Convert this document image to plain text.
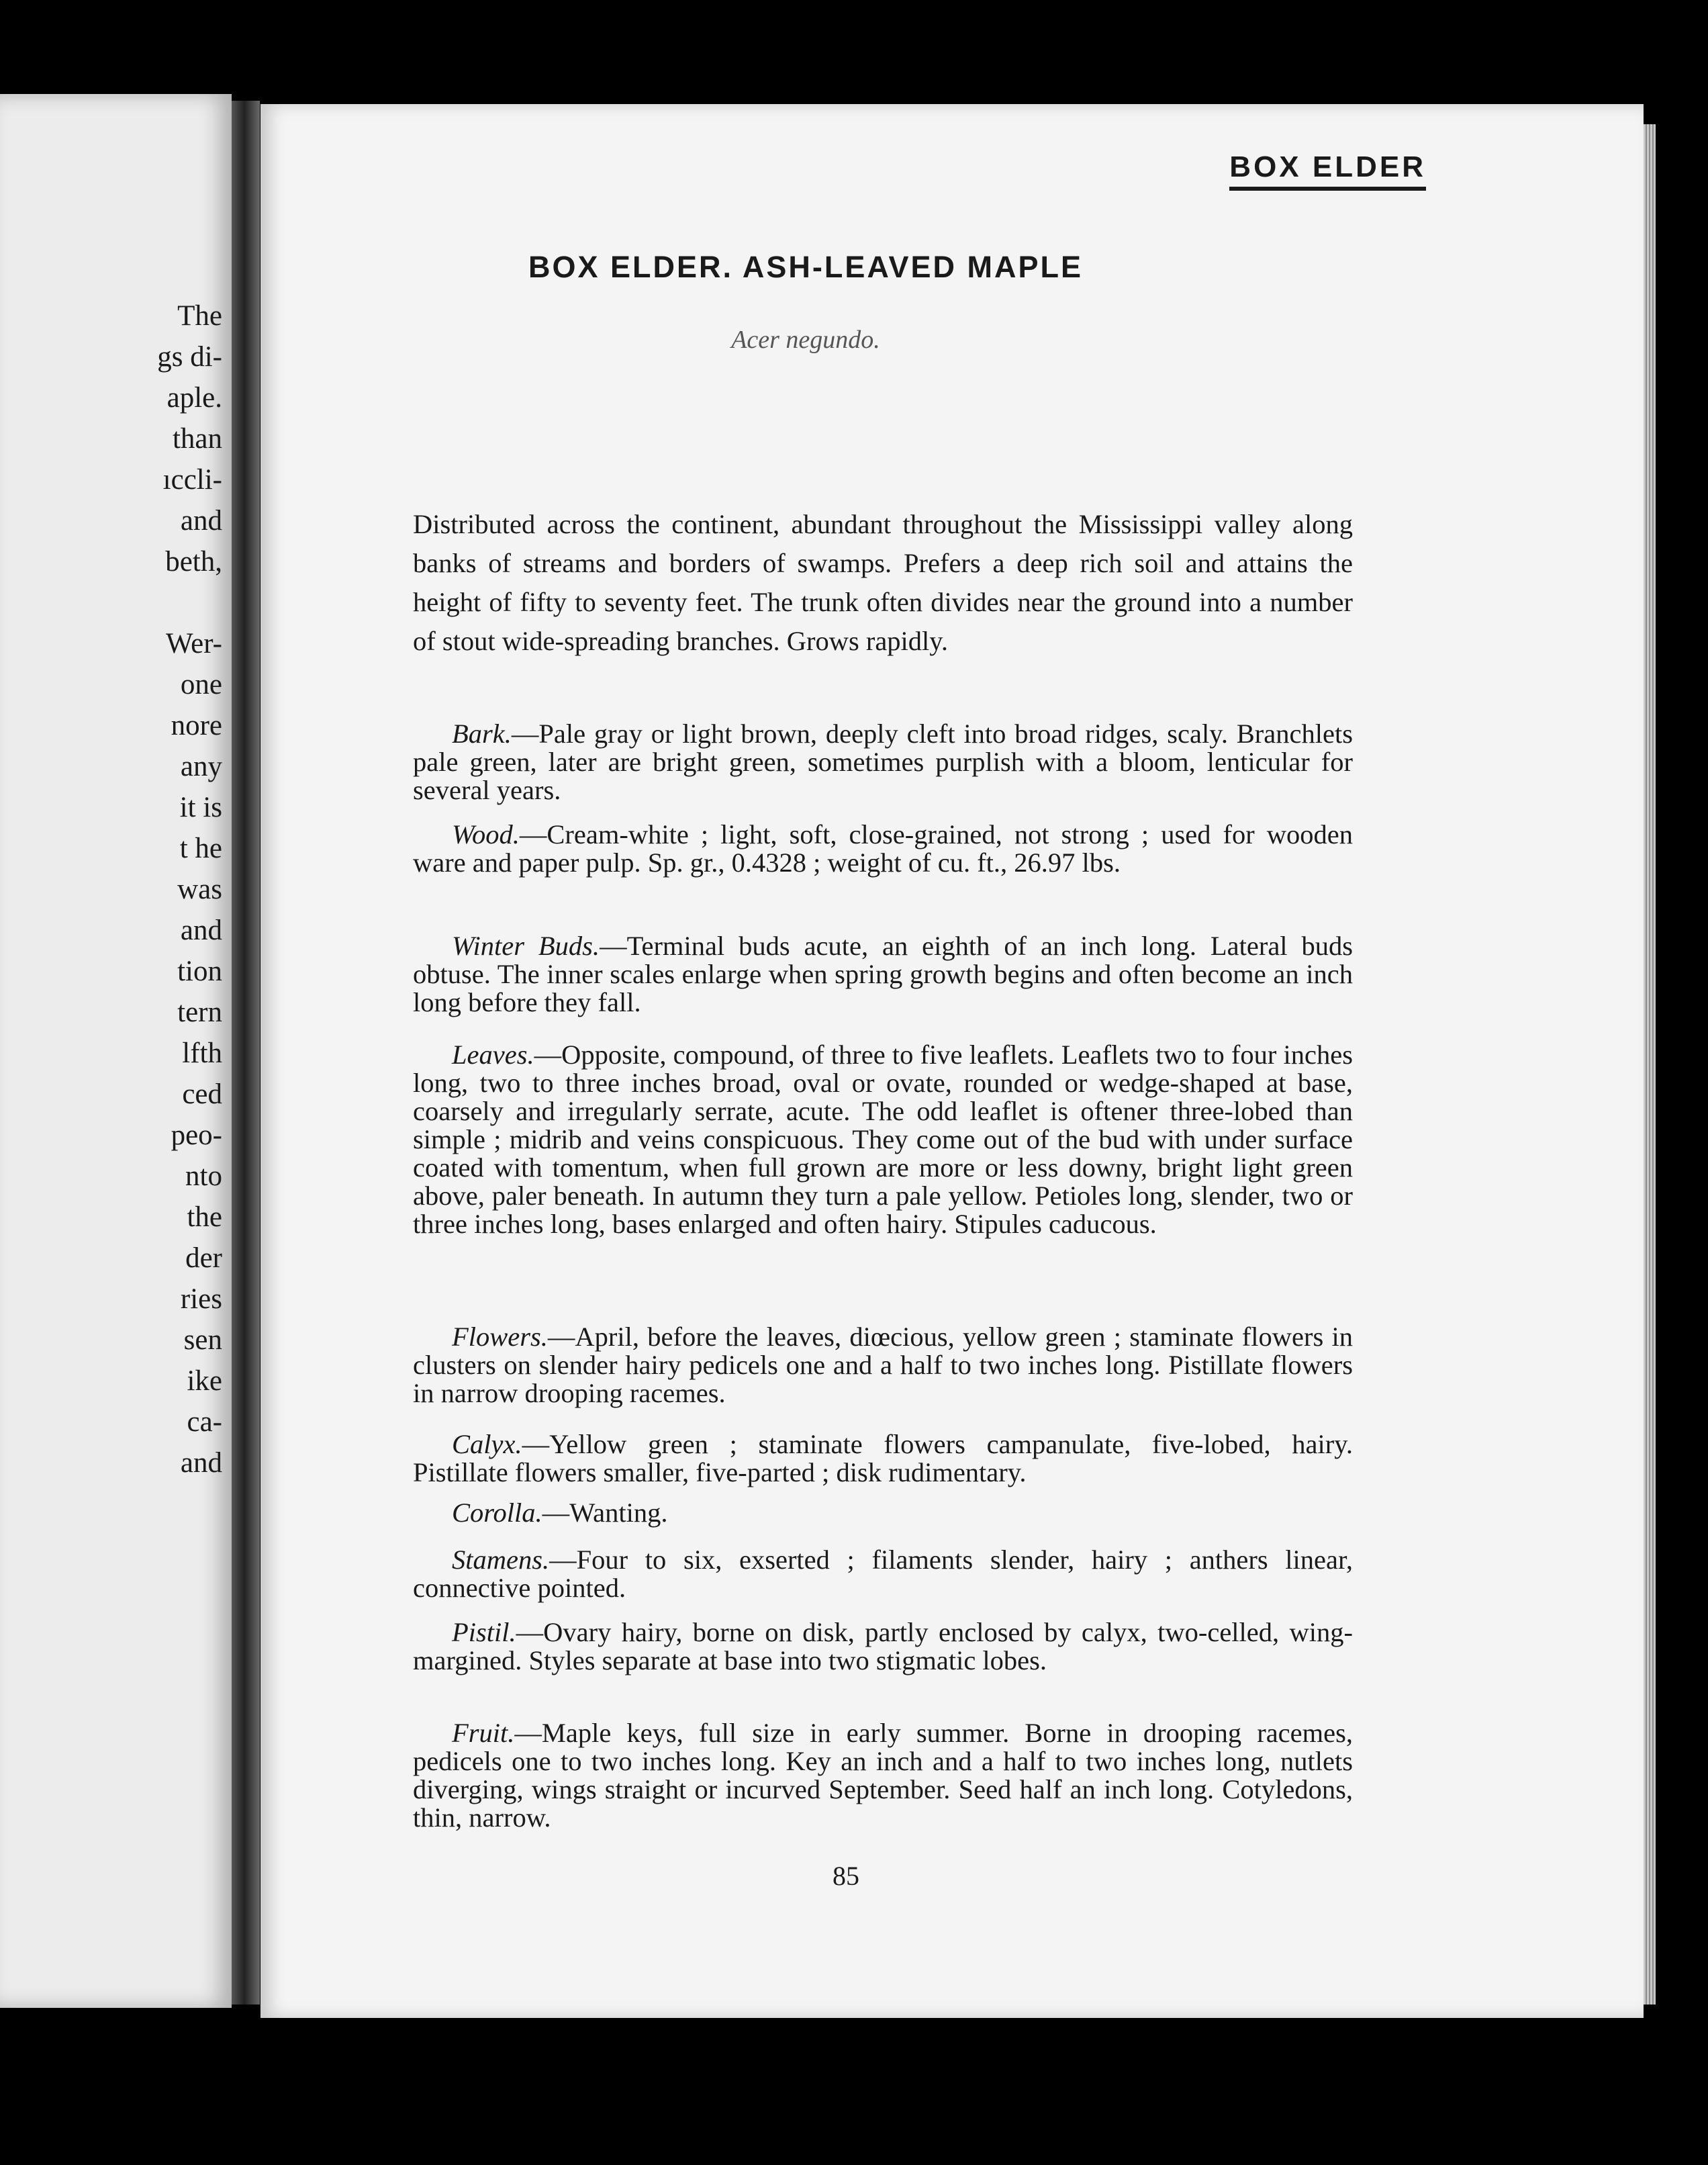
The

gs di-

aple.

than

ıccli-

and

beth,

Wer-

one

nore

any

it is

t he

was

and

tion

tern

lfth

ced

peo-

nto

the

der

ries

sen

ike

ca-

and

BOX ELDER
BOX ELDER. ASH-LEAVED MAPLE

Acer negundo.

Distributed across the continent, abundant throughout the Mississippi valley along banks of streams and borders of swamps. Prefers a deep rich soil and attains the height of fifty to seventy feet. The trunk often divides near the ground into a number of stout wide-spreading branches. Grows rapidly.

Bark.—Pale gray or light brown, deeply cleft into broad ridges, scaly. Branchlets pale green, later are bright green, sometimes purplish with a bloom, lenticular for several years.

Wood.—Cream-white ; light, soft, close-grained, not strong ; used for wooden ware and paper pulp. Sp. gr., 0.4328 ; weight of cu. ft., 26.97 lbs.

Winter Buds.—Terminal buds acute, an eighth of an inch long. Lateral buds obtuse. The inner scales enlarge when spring growth begins and often become an inch long before they fall.

Leaves.—Opposite, compound, of three to five leaflets. Leaflets two to four inches long, two to three inches broad, oval or ovate, rounded or wedge-shaped at base, coarsely and irregularly serrate, acute. The odd leaflet is oftener three-lobed than simple ; midrib and veins conspicuous. They come out of the bud with under surface coated with tomentum, when full grown are more or less downy, bright light green above, paler beneath. In autumn they turn a pale yellow. Petioles long, slender, two or three inches long, bases enlarged and often hairy. Stipules caducous.

Flowers.—April, before the leaves, diœcious, yellow green ; staminate flowers in clusters on slender hairy pedicels one and a half to two inches long. Pistillate flowers in narrow drooping racemes.

Calyx.—Yellow green ; staminate flowers campanulate, five-lobed, hairy. Pistillate flowers smaller, five-parted ; disk rudimentary.

Corolla.—Wanting.

Stamens.—Four to six, exserted ; filaments slender, hairy ; anthers linear, connective pointed.

Pistil.—Ovary hairy, borne on disk, partly enclosed by calyx, two-celled, wing-margined. Styles separate at base into two stigmatic lobes.

Fruit.—Maple keys, full size in early summer. Borne in drooping racemes, pedicels one to two inches long. Key an inch and a half to two inches long, nutlets diverging, wings straight or incurved September. Seed half an inch long. Cotyledons, thin, narrow.

85
